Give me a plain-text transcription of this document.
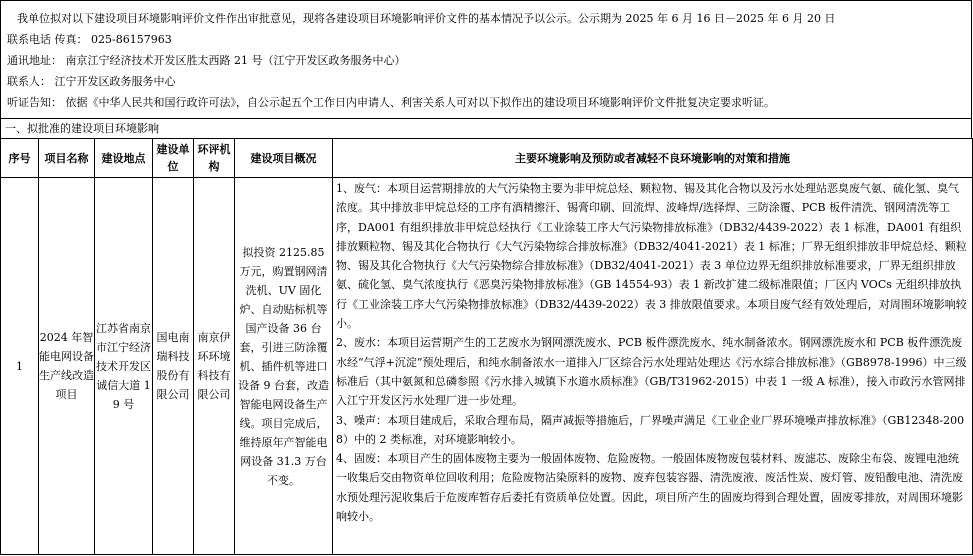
我单位拟对以下建设项目环境影响评价文件作出审批意见，现将各建设项目环境影响评价文件的基本情况予以公示。公示期为 2025 年 6 月 16 日－2025 年 6 月 20 日
联系电话 传真： 025-86157963
通讯地址： 南京江宁经济技术开发区胜太西路 21 号（江宁开发区政务服务中心）
联系人： 江宁开发区政务服务中心
听证告知： 依据《中华人民共和国行政许可法》，自公示起五个工作日内申请人、利害关系人可对以下拟作出的建设项目环境影响评价文件批复决定要求听证。
一、拟批准的建设项目环境影响
序号	项目名称	建设地点	建设单位	环评机构	建设项目概况	主要环境影响及预防或者减轻不良环境影响的对策和措施
1	2024 年智能电网设备生产线改造项目	江苏省南京市江宁经济技术开发区诚信大道 19 号	国电南瑞科技股份有限公司	南京伊环环境科技有限公司	拟投资 2125.85 万元，购置钢网清洗机、UV 固化炉、自动贴标机等国产设备 36 台套，引进三防涂覆机、插件机等进口设备 9 台套，改造智能电网设备生产线。项目完成后，维持原年产智能电网设备 31.3 万台不变。	1、废气：本项目运营期排放的大气污染物主要为非甲烷总烃、颗粒物、锡及其化合物以及污水处理站恶臭废气氨、硫化氢、臭气浓度。其中排放非甲烷总烃的工序有酒精擦汗、锡膏印刷、回流焊、波峰焊/选择焊、三防涂覆、PCB 板件清洗、钢网清洗等工序，DA001 有组织排放非甲烷总烃执行《工业涂装工序大气污染物排放标准》（DB32/4439-2022）表 1 标准，DA001 有组织排放颗粒物、锡及其化合物执行《大气污染物综合排放标准》（DB32/4041-2021）表 1 标准；厂界无组织排放非甲烷总烃、颗粒物、锡及其化合物执行《大气污染物综合排放标准》（DB32/4041-2021）表 3 单位边界无组织排放标准要求，厂界无组织排放氨、硫化氢、臭气浓度执行《恶臭污染物排放标准》（GB 14554-93）表 1 新改扩建二级标准限值；厂区内 VOCs 无组织排放执行《工业涂装工序大气污染物排放标准》（DB32/4439-2022）表 3 排放限值要求。本项目废气经有效处理后，对周围环境影响较小。

2、废水：本项目运营期产生的工艺废水为钢网漂洗废水、PCB 板件漂洗废水、纯水制备浓水。钢网漂洗废水和 PCB 板件漂洗废水经“气浮+沉淀”预处理后，和纯水制备浓水一道排入厂区综合污水处理站处理达《污水综合排放标准》（GB8978-1996）中三级标准后（其中氨氮和总磷参照《污水排入城镇下水道水质标准》（GB/T31962-2015）中表 1 一级 A 标准），接入市政污水管网排入江宁开发区污水处理厂进一步处理。

3、噪声：本项目建成后，采取合理布局，隔声减振等措施后，厂界噪声满足《工业企业厂界环境噪声排放标准》（GB12348-2008）中的 2 类标准，对环境影响较小。

4、固废：本项目产生的固体废物主要为一般固体废物、危险废物。一般固体废物废包装材料、废滤芯、废除尘布袋、废锂电池统一收集后交由物资单位回收利用；危险废物沾染原料的废物、废弃包装容器、清洗废液、废活性炭、废灯管、废铅酸电池、清洗废水预处理污泥收集后于危废库暂存后委托有资质单位处置。因此，项目所产生的固废均得到合理处置，固废零排放，对周围环境影响较小。
